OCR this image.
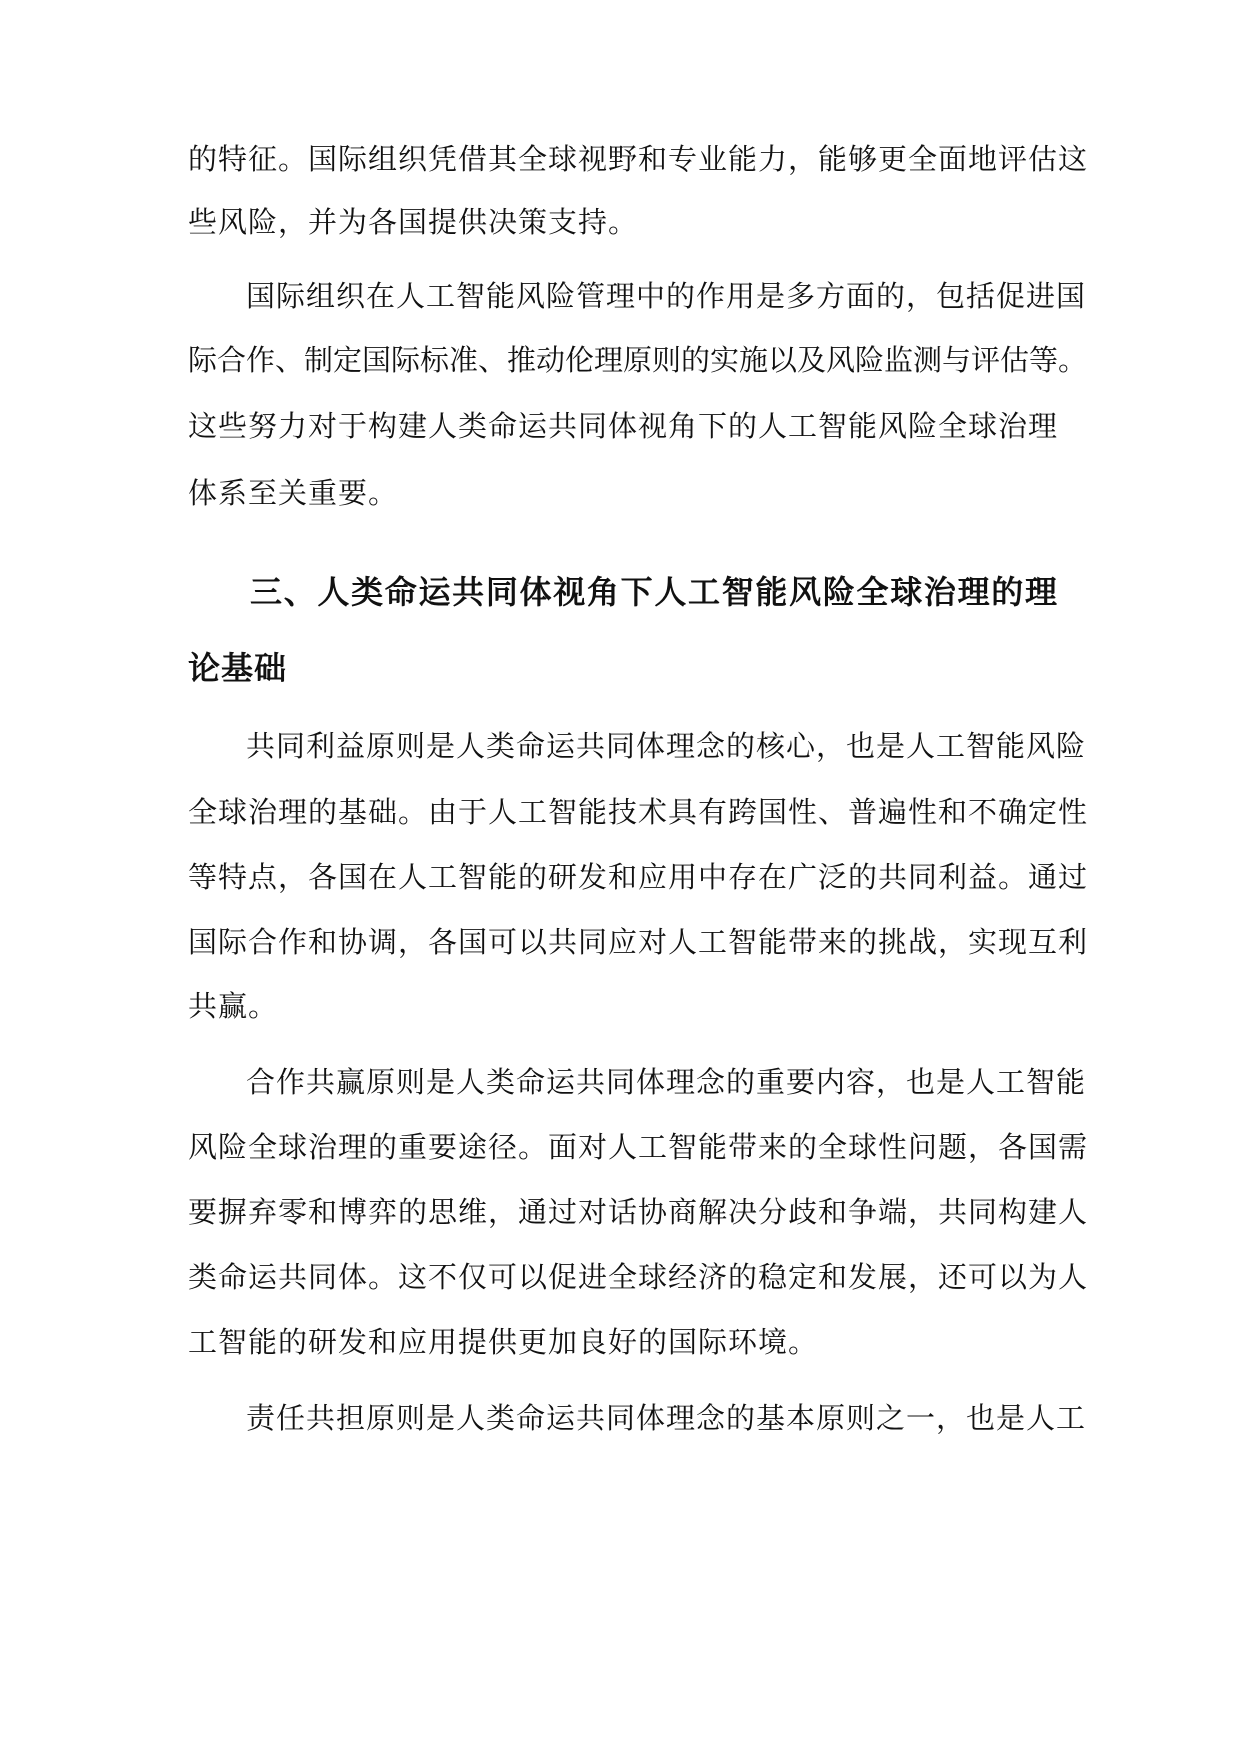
的特征。国际组织凭借其全球视野和专业能力，能够更全面地评估这

些风险，并为各国提供决策支持。

国际组织在人工智能风险管理中的作用是多方面的，包括促进国

际合作、制定国际标准、推动伦理原则的实施以及风险监测与评估等。

这些努力对于构建人类命运共同体视角下的人工智能风险全球治理

体系至关重要。

三、人类命运共同体视角下人工智能风险全球治理的理

论基础

共同利益原则是人类命运共同体理念的核心，也是人工智能风险

全球治理的基础。由于人工智能技术具有跨国性、普遍性和不确定性

等特点，各国在人工智能的研发和应用中存在广泛的共同利益。通过

国际合作和协调，各国可以共同应对人工智能带来的挑战，实现互利

共赢。

合作共赢原则是人类命运共同体理念的重要内容，也是人工智能

风险全球治理的重要途径。面对人工智能带来的全球性问题，各国需

要摒弃零和博弈的思维，通过对话协商解决分歧和争端，共同构建人

类命运共同体。这不仅可以促进全球经济的稳定和发展，还可以为人

工智能的研发和应用提供更加良好的国际环境。

责任共担原则是人类命运共同体理念的基本原则之一，也是人工
